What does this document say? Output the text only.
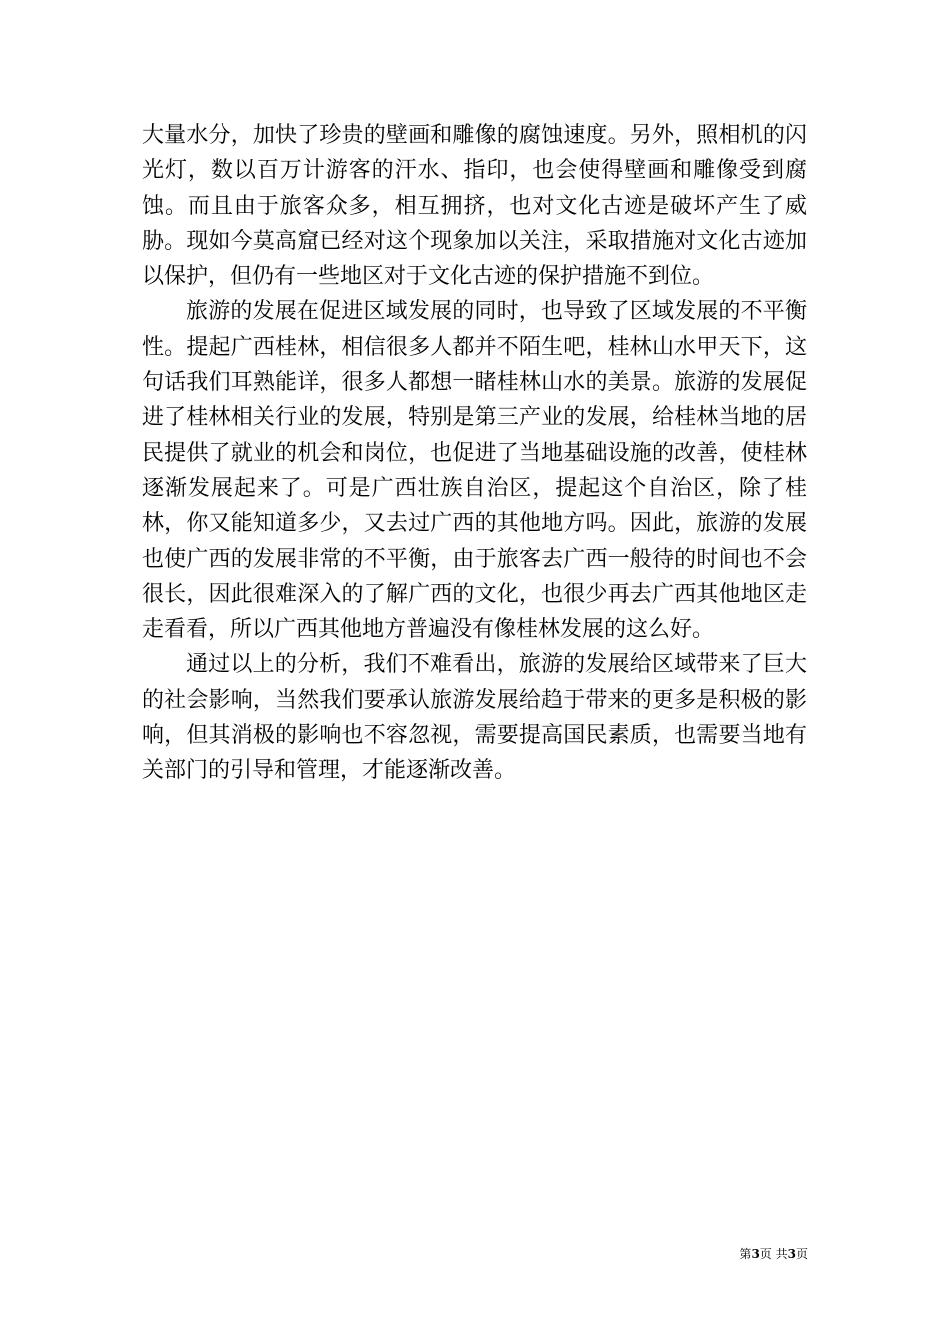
大量水分，加快了珍贵的壁画和雕像的腐蚀速度。另外，照相机的闪光灯，数以百万计游客的汗水、指印，也会使得壁画和雕像受到腐蚀。而且由于旅客众多，相互拥挤，也对文化古迹是破坏产生了威胁。现如今莫高窟已经对这个现象加以关注，采取措施对文化古迹加以保护，但仍有一些地区对于文化古迹的保护措施不到位。

旅游的发展在促进区域发展的同时，也导致了区域发展的不平衡性。提起广西桂林，相信很多人都并不陌生吧，桂林山水甲天下，这句话我们耳熟能详，很多人都想一睹桂林山水的美景。旅游的发展促进了桂林相关行业的发展，特别是第三产业的发展，给桂林当地的居民提供了就业的机会和岗位，也促进了当地基础设施的改善，使桂林逐渐发展起来了。可是广西壮族自治区，提起这个自治区，除了桂林，你又能知道多少，又去过广西的其他地方吗。因此，旅游的发展也使广西的发展非常的不平衡，由于旅客去广西一般待的时间也不会很长，因此很难深入的了解广西的文化，也很少再去广西其他地区走走看看，所以广西其他地方普遍没有像桂林发展的这么好。

通过以上的分析，我们不难看出，旅游的发展给区域带来了巨大的社会影响，当然我们要承认旅游发展给趋于带来的更多是积极的影响，但其消极的影响也不容忽视，需要提高国民素质，也需要当地有关部门的引导和管理，才能逐渐改善。

第3页 共3页
